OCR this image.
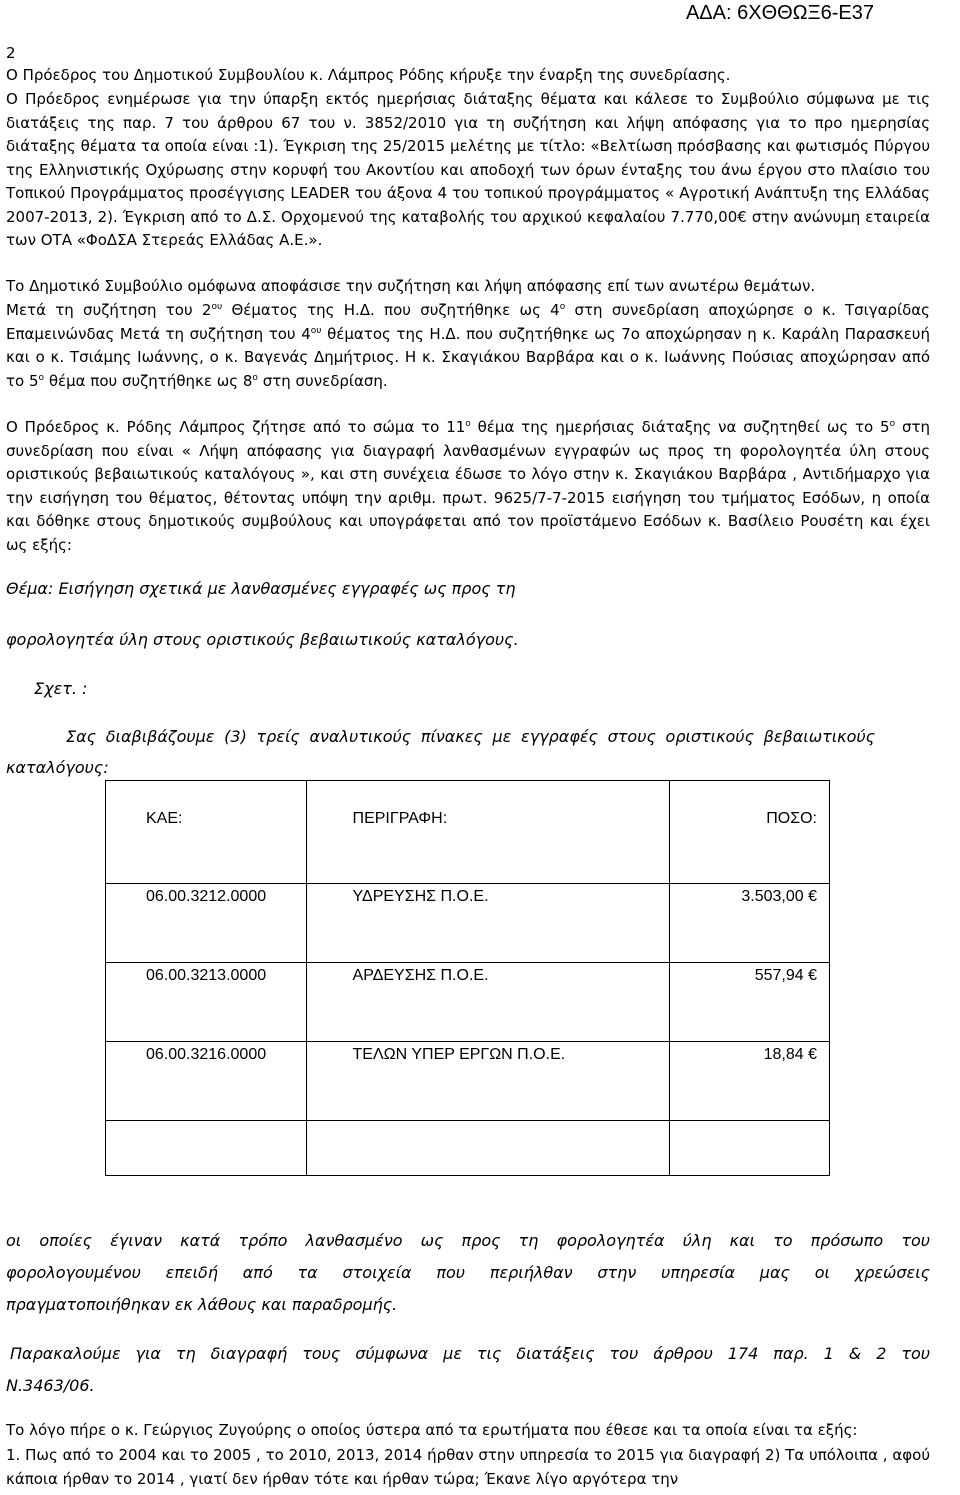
ΑΔΑ: 6ΧΘΘΩΞ6-Ε37
2

Ο Πρόεδρος του Δημοτικού Συμβουλίου κ. Λάμπρος Ρόδης κήρυξε την έναρξη της συνεδρίασης.

Ο Πρόεδρος ενημέρωσε για την ύπαρξη εκτός ημερήσιας διάταξης θέματα και κάλεσε το Συμβούλιο σύμφωνα με τις διατάξεις της παρ. 7 του άρθρου 67 του ν. 3852/2010 για τη συζήτηση και λήψη απόφασης για το προ ημερησίας διάταξης θέματα τα οποία είναι :1). Έγκριση της 25/2015 μελέτης με τίτλο: «Βελτίωση πρόσβασης και φωτισμός Πύργου της Ελληνιστικής Οχύρωσης στην κορυφή του Ακοντίου και αποδοχή των όρων ένταξης του άνω έργου στο πλαίσιο του Τοπικού Προγράμματος προσέγγισης LEADER του άξονα 4 του τοπικού προγράμματος « Αγροτική Ανάπτυξη της Ελλάδας 2007-2013, 2). Έγκριση από το Δ.Σ. Ορχομενού της καταβολής του αρχικού κεφαλαίου 7.770,00€ στην ανώνυμη εταιρεία των ΟΤΑ «ΦοΔΣΑ Στερεάς Ελλάδας Α.Ε.».

Το Δημοτικό Συμβούλιο ομόφωνα αποφάσισε την συζήτηση και λήψη απόφασης επί των ανωτέρω θεμάτων.

Μετά τη συζήτηση του $2^{o\upsilon}$ Θέματος της Η.Δ. που συζητήθηκε ως $4^o$ στη συνεδρίαση αποχώρησε ο κ. Τσιγαρίδας Επαμεινώνδας Μετά τη συζήτηση του $4^{o\upsilon}$ θέματος της Η.Δ. που συζητήθηκε ως 7ο αποχώρησαν η κ. Καράλη Παρασκευή και ο κ. Τσιάμης Ιωάννης, ο κ. Βαγενάς Δημήτριος. Η κ. Σκαγιάκου Βαρβάρα και ο κ. Ιωάννης Πούσιας αποχώρησαν από το $5^o$ θέμα που συζητήθηκε ως $8^o$ στη συνεδρίαση.

Ο Πρόεδρος κ. Ρόδης Λάμπρος ζήτησε από το σώμα το $11^o$ θέμα της ημερήσιας διάταξης να συζητηθεί ως το $5^o$ στη συνεδρίαση που είναι « Λήψη απόφασης για διαγραφή λανθασμένων εγγραφών ως προς τη φορολογητέα ύλη στους οριστικούς βεβαιωτικούς καταλόγους », και στη συνέχεια έδωσε το λόγο στην κ. Σκαγιάκου Βαρβάρα , Αντιδήμαρχο για την εισήγηση του θέματος, θέτοντας υπόψη την αριθμ. πρωτ. 9625/7-7-2015 εισήγηση του τμήματος Εσόδων, η οποία και δόθηκε στους δημοτικούς συμβούλους και υπογράφεται από τον προϊστάμενο Εσόδων κ. Βασίλειο Ρουσέτη και έχει ως εξής:

Θέμα: Εισήγηση σχετικά με λανθασμένες εγγραφές ως προς τη

φορολογητέα ύλη στους οριστικούς βεβαιωτικούς καταλόγους.

Σχετ. :

Σας διαβιβάζουμε (3) τρείς αναλυτικούς πίνακες με εγγραφές στους οριστικούς βεβαιωτικούς

καταλόγους:

ΚΑΕ:	ΠΕΡΙΓΡΑΦΗ:	ΠΟΣΟ:

06.00.3212.0000	ΥΔΡΕΥΣΗΣ Π.Ο.Ε.	3.503,00 €

06.00.3213.0000	ΑΡΔΕΥΣΗΣ Π.Ο.Ε.	557,94 €

06.00.3216.0000	ΤΕΛΩΝ ΥΠΕΡ ΕΡΓΩΝ Π.Ο.Ε.	18,84 €

οι οποίες έγιναν κατά τρόπο λανθασμένο ως προς τη φορολογητέα ύλη και το πρόσωπο του

φορολογουμένου επειδή από τα στοιχεία που περιήλθαν στην υπηρεσία μας οι χρεώσεις

πραγματοποιήθηκαν εκ λάθους και παραδρομής.

Παρακαλούμε για τη διαγραφή τους σύμφωνα με τις διατάξεις του άρθρου 174 παρ. 1 & 2 του

Ν.3463/06.

Το λόγο πήρε ο κ. Γεώργιος Ζυγούρης ο οποίος ύστερα από τα ερωτήματα που έθεσε και τα οποία είναι τα εξής:

1. Πως από το 2004 και το 2005 , το 2010, 2013, 2014 ήρθαν στην υπηρεσία το 2015 για διαγραφή 2) Τα υπόλοιπα , αφού κάποια ήρθαν το 2014 , γιατί δεν ήρθαν τότε και ήρθαν τώρα; Έκανε λίγο αργότερα την
